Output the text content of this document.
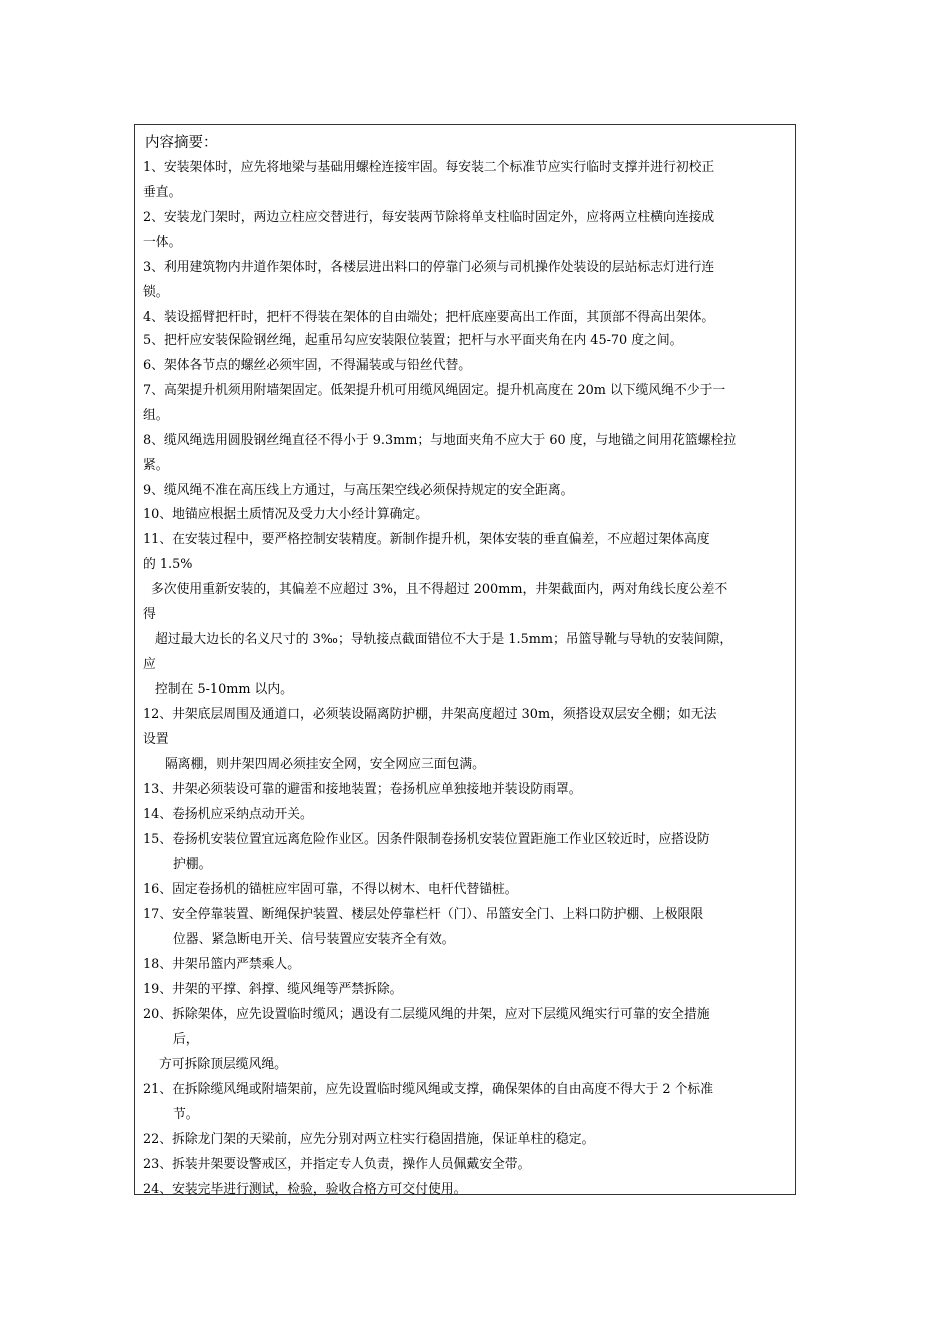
内容摘要：
1、安装架体时，应先将地梁与基础用螺栓连接牢固。每安装二个标准节应实行临时支撑并进行初校正
垂直。
2、安装龙门架时，两边立柱应交替进行，每安装两节除将单支柱临时固定外，应将两立柱横向连接成
一体。
3、利用建筑物内井道作架体时，各楼层进出料口的停靠门必须与司机操作处装设的层站标志灯进行连
锁。
4、装设摇臂把杆时，把杆不得装在架体的自由端处；把杆底座要高出工作面，其顶部不得高出架体。
5、把杆应安装保险钢丝绳，起重吊勾应安装限位装置；把杆与水平面夹角在内 45-70 度之间。
6、架体各节点的螺丝必须牢固，不得漏装或与铅丝代替。
7、高架提升机须用附墙架固定。低架提升机可用缆风绳固定。提升机高度在 20m 以下缆风绳不少于一
组。
8、缆风绳选用圆股钢丝绳直径不得小于 9.3mm；与地面夹角不应大于 60 度，与地锚之间用花篮螺栓拉
紧。
9、缆风绳不准在高压线上方通过，与高压架空线必须保持规定的安全距离。
10、地锚应根据土质情况及受力大小经计算确定。
11、在安装过程中，要严格控制安装精度。新制作提升机，架体安装的垂直偏差，不应超过架体高度
的 1.5%
多次使用重新安装的，其偏差不应超过 3%，且不得超过 200mm，井架截面内，两对角线长度公差不
得
超过最大边长的名义尺寸的 3‰；导轨接点截面错位不大于是 1.5mm；吊篮导靴与导轨的安装间隙，
应
控制在 5-10mm 以内。
12、井架底层周围及通道口，必须装设隔离防护棚，井架高度超过 30m，须搭设双层安全棚；如无法
设置
隔离棚，则井架四周必须挂安全网，安全网应三面包满。
13、井架必须装设可靠的避雷和接地装置；卷扬机应单独接地并装设防雨罩。
14、卷扬机应采纳点动开关。
15、卷扬机安装位置宜远离危险作业区。因条件限制卷扬机安装位置距施工作业区较近时，应搭设防
护棚。
16、固定卷扬机的锚桩应牢固可靠，不得以树木、电杆代替锚桩。
17、安全停靠装置、断绳保护装置、楼层处停靠栏杆（门）、吊篮安全门、上料口防护棚、上极限限
位器、紧急断电开关、信号装置应安装齐全有效。
18、井架吊篮内严禁乘人。
19、井架的平撑、斜撑、缆风绳等严禁拆除。
20、拆除架体，应先设置临时缆风；遇设有二层缆风绳的井架，应对下层缆风绳实行可靠的安全措施
后，
方可拆除顶层缆风绳。
21、在拆除缆风绳或附墙架前，应先设置临时缆风绳或支撑，确保架体的自由高度不得大于 2 个标准
节。
22、拆除龙门架的天梁前，应先分别对两立柱实行稳固措施，保证单柱的稳定。
23、拆装井架要设警戒区，并指定专人负责，操作人员佩戴安全带。
24、安装完毕进行测试，检验，验收合格方可交付使用。
